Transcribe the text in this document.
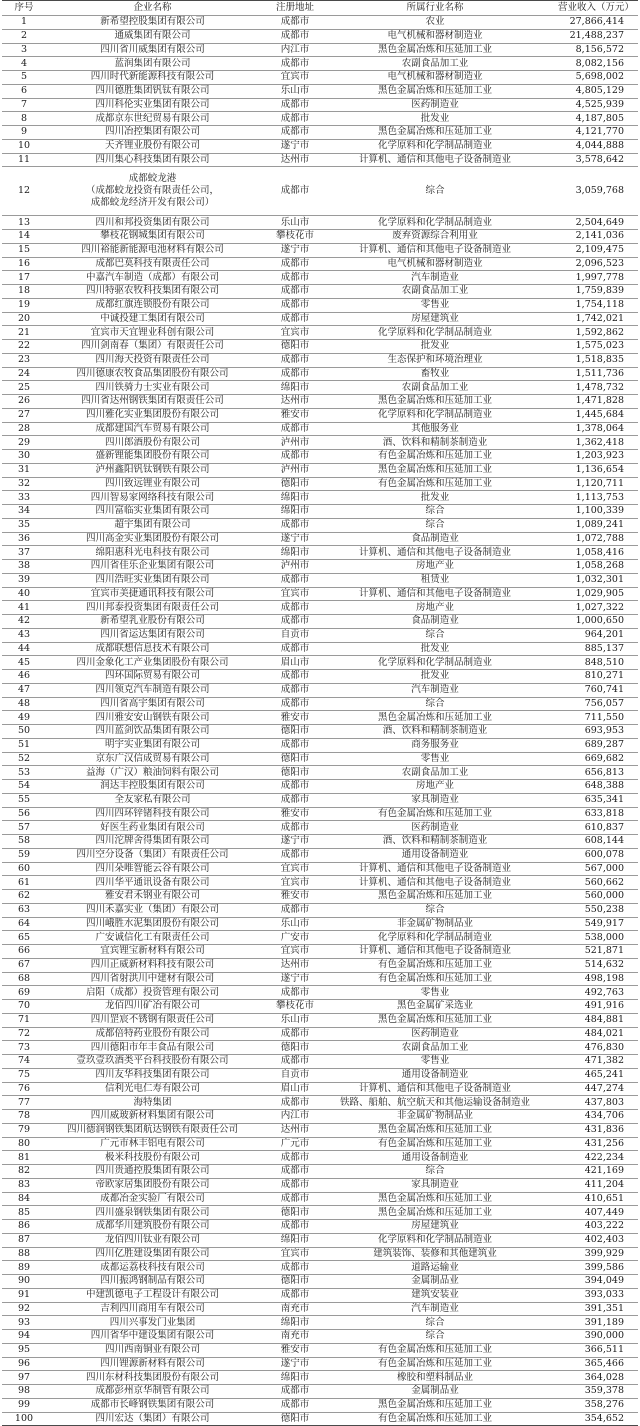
序号	企业名称	注册地址	所属行业名称	营业收入（万元）
1	新希望控股集团有限公司	成都市	农业	27,866,414
2	通威集团有限公司	成都市	电气机械和器材制造业	21,488,237
3	四川省川威集团有限公司	内江市	黑色金属冶炼和压延加工业	8,156,572
4	蓝润集团有限公司	成都市	农副食品加工业	8,082,156
5	四川时代新能源科技有限公司	宜宾市	电气机械和器材制造业	5,698,002
6	四川德胜集团钒钛有限公司	乐山市	黑色金属冶炼和压延加工业	4,805,129
7	四川科伦实业集团有限公司	成都市	医药制造业	4,525,939
8	成都京东世纪贸易有限公司	成都市	批发业	4,187,805
9	四川冶控集团有限公司	成都市	黑色金属冶炼和压延加工业	4,121,770
10	天齐锂业股份有限公司	遂宁市	化学原料和化学制品制造业	4,044,888
11	四川集心科技集团有限公司	达州市	计算机、通信和其他电子设备制造业	3,578,642
12	成都蛟龙港
（成都蛟龙投资有限责任公司，
成都蛟龙经济开发有限公司）	成都市	综合	3,059,768
13	四川和邦投资集团有限公司	乐山市	化学原料和化学制品制造业	2,504,649
14	攀枝花钢城集团有限公司	攀枝花市	废弃资源综合利用业	2,141,036
15	四川裕能新能源电池材料有限公司	遂宁市	计算机、通信和其他电子设备制造业	2,109,475
16	成都巴莫科技有限责任公司	成都市	电气机械和器材制造业	2,096,523
17	中嘉汽车制造（成都）有限公司	成都市	汽车制造业	1,997,778
18	四川特驱农牧科技集团有限公司	成都市	农副食品加工业	1,759,839
19	成都红旗连锁股份有限公司	成都市	零售业	1,754,118
20	中诚投建工集团有限公司	成都市	房屋建筑业	1,742,021
21	宜宾市天宜锂业科创有限公司	宜宾市	化学原料和化学制品制造业	1,592,862
22	四川剑南春（集团）有限责任公司	德阳市	批发业	1,575,023
23	四川海天投资有限责任公司	成都市	生态保护和环境治理业	1,518,835
24	四川德康农牧食品集团股份有限公司	成都市	畜牧业	1,511,736
25	四川铁骑力士实业有限公司	绵阳市	农副食品加工业	1,478,732
26	四川省达州钢铁集团有限责任公司	达州市	黑色金属冶炼和压延加工业	1,471,828
27	四川雅化实业集团股份有限公司	雅安市	化学原料和化学制品制造业	1,445,684
28	成都建国汽车贸易有限公司	成都市	其他服务业	1,378,064
29	四川郎酒股份有限公司	泸州市	酒、饮料和精制茶制造业	1,362,418
30	盛新锂能集团股份有限公司	成都市	有色金属冶炼和压延加工业	1,203,923
31	泸州鑫阳钒钛钢铁有限公司	泸州市	黑色金属冶炼和压延加工业	1,136,654
32	四川致远锂业有限公司	德阳市	有色金属冶炼和压延加工业	1,120,711
33	四川智易家网络科技有限公司	绵阳市	批发业	1,113,753
34	四川富临实业集团有限公司	绵阳市	综合	1,100,339
35	超宇集团有限公司	成都市	综合	1,089,241
36	四川高金实业集团股份有限公司	遂宁市	食品制造业	1,072,788
37	绵阳惠科光电科技有限公司	绵阳市	计算机、通信和其他电子设备制造业	1,058,416
38	四川省佳乐企业集团有限公司	泸州市	房地产业	1,058,268
39	四川浩旺实业集团有限公司	成都市	租赁业	1,032,301
40	宜宾市美捷通讯科技有限公司	宜宾市	计算机、通信和其他电子设备制造业	1,029,905
41	四川邦泰投资集团有限责任公司	成都市	房地产业	1,027,322
42	新希望乳业股份有限公司	成都市	食品制造业	1,000,650
43	四川省运达集团有限公司	自贡市	综合	964,201
44	成都联想信息技术有限公司	成都市	批发业	885,137
45	四川金象化工产业集团股份有限公司	眉山市	化学原料和化学制品制造业	848,510
46	四环国际贸易有限公司	成都市	批发业	810,271
47	四川领克汽车制造有限公司	成都市	汽车制造业	760,741
48	四川省高宇集团有限公司	成都市	综合	756,057
49	四川雅安安山钢铁有限公司	雅安市	黑色金属冶炼和压延加工业	711,550
50	四川蓝剑饮品集团有限公司	德阳市	酒、饮料和精制茶制造业	693,953
51	明宇实业集团有限公司	成都市	商务服务业	689,287
52	京东广汉信成贸易有限公司	德阳市	零售业	669,682
53	益海（广汉）粮油饲料有限公司	德阳市	农副食品加工业	656,813
54	润达丰控股集团有限公司	成都市	房地产业	648,388
55	全友家私有限公司	成都市	家具制造业	635,341
56	四川四环锌锗科技有限公司	雅安市	有色金属冶炼和压延加工业	633,818
57	好医生药业集团有限公司	成都市	医药制造业	610,837
58	四川沱牌舍得集团有限公司	遂宁市	酒、饮料和精制茶制造业	608,144
59	四川空分设备（集团）有限责任公司	成都市	通用设备制造业	600,078
60	四川朵唯智能云谷有限公司	宜宾市	计算机、通信和其他电子设备制造业	567,000
61	四川华平通讯设备有限公司	宜宾市	计算机、通信和其他电子设备制造业	560,662
62	雅安君禾钢业有限公司	雅安市	黑色金属冶炼和压延加工业	560,000
63	四川禾嘉实业（集团）有限公司	成都市	综合	550,238
64	四川峨胜水泥集团股份有限公司	乐山市	非金属矿物制品业	549,917
65	广安诚信化工有限责任公司	广安市	化学原料和化学制品制造业	538,000
66	宜宾锂宝新材料有限公司	宜宾市	计算机、通信和其他电子设备制造业	521,871
67	四川正威新材料科技有限公司	达州市	有色金属冶炼和压延加工业	514,632
68	四川省射洪川中建材有限公司	遂宁市	有色金属冶炼和压延加工业	498,198
69	启阳（成都）投资管理有限公司	成都市	零售业	492,763
70	龙佰四川矿冶有限公司	攀枝花市	黑色金属矿采选业	491,916
71	四川罡宸不锈钢有限责任公司	乐山市	黑色金属冶炼和压延加工业	484,881
72	成都倍特药业股份有限公司	成都市	医药制造业	484,021
73	四川德阳市年丰食品有限公司	德阳市	农副食品加工业	476,830
74	壹玖壹玖酒类平台科技股份有限公司	成都市	零售业	471,382
75	四川友华科技集团有限公司	自贡市	通用设备制造业	465,241
76	信利光电仁寿有限公司	眉山市	计算机、通信和其他电子设备制造业	447,274
77	海特集团	成都市	铁路、船舶、航空航天和其他运输设备制造业	437,803
78	四川威玻新材料集团有限公司	内江市	非金属矿物制品业	434,706
79	四川德润钢铁集团航达钢铁有限责任公司	达州市	黑色金属冶炼和压延加工业	431,836
80	广元市林丰铝电有限公司	广元市	有色金属冶炼和压延加工业	431,256
81	极米科技股份有限公司	成都市	通用设备制造业	422,234
82	四川贵通控股集团有限公司	成都市	综合	421,169
83	帝欧家居集团股份有限公司	成都市	家具制造业	411,204
84	成都冶金实验厂有限公司	成都市	黑色金属冶炼和压延加工业	410,651
85	四川盛泉钢铁集团有限公司	德阳市	黑色金属冶炼和压延加工业	407,449
86	成都华川建筑股份有限公司	成都市	房屋建筑业	403,222
87	龙佰四川钛业有限公司	绵阳市	化学原料和化学制品制造业	402,403
88	四川亿胜建设集团有限公司	宜宾市	建筑装饰、装修和其他建筑业	399,929
89	成都运荔枝科技有限公司	成都市	道路运输业	399,586
90	四川振鸿钢制品有限公司	德阳市	金属制品业	394,049
91	中建凯德电子工程设计有限公司	成都市	建筑安装业	393,033
92	吉利四川商用车有限公司	南充市	汽车制造业	391,351
93	四川兴事发门业集团	绵阳市	综合	391,189
94	四川省华中建设集团有限公司	南充市	综合	390,000
95	四川西南铜业有限公司	雅安市	有色金属冶炼和压延加工业	366,511
96	四川锂源新材料有限公司	遂宁市	有色金属冶炼和压延加工业	365,466
97	四川东材科技集团股份有限公司	绵阳市	橡胶和塑料制品业	364,028
98	成都彭州京华制管有限公司	成都市	金属制品业	359,378
99	成都市长峰钢铁集团有限公司	成都市	黑色金属冶炼和压延加工业	358,276
100	四川宏达（集团）有限公司	德阳市	有色金属冶炼和压延加工业	354,652
